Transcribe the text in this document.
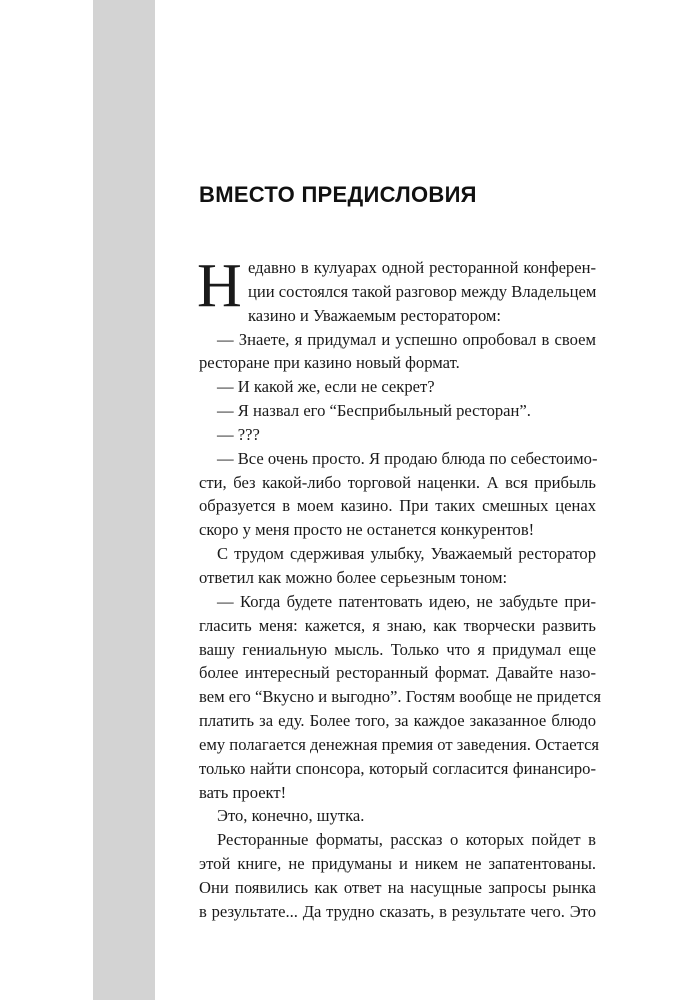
ВМЕСТО ПРЕДИСЛОВИЯ
Н едавно в кулуарах одной ресторанной конферен-
ции состоялся такой разговор между Владельцем
казино и Уважаемым ресторатором:
— Знаете, я придумал и успешно опробовал в своем
ресторане при казино новый формат.
— И какой же, если не секрет?
— Я назвал его “Бесприбыльный ресторан”.
— ???
— Все очень просто. Я продаю блюда по себестоимо-
сти, без какой-либо торговой наценки. А вся прибыль
образуется в моем казино. При таких смешных ценах
скоро у меня просто не останется конкурентов!
С трудом сдерживая улыбку, Уважаемый ресторатор
ответил как можно более серьезным тоном:
— Когда будете патентовать идею, не забудьте при-
гласить меня: кажется, я знаю, как творчески развить
вашу гениальную мысль. Только что я придумал еще
более интересный ресторанный формат. Давайте назо-
вем его “Вкусно и выгодно”. Гостям вообще не придется
платить за еду. Более того, за каждое заказанное блюдо
ему полагается денежная премия от заведения. Остается
только найти спонсора, который согласится финансиро-
вать проект!
Это, конечно, шутка.
Ресторанные форматы, рассказ о которых пойдет в
этой книге, не придуманы и никем не запатентованы.
Они появились как ответ на насущные запросы рынка
в результате... Да трудно сказать, в результате чего. Это
